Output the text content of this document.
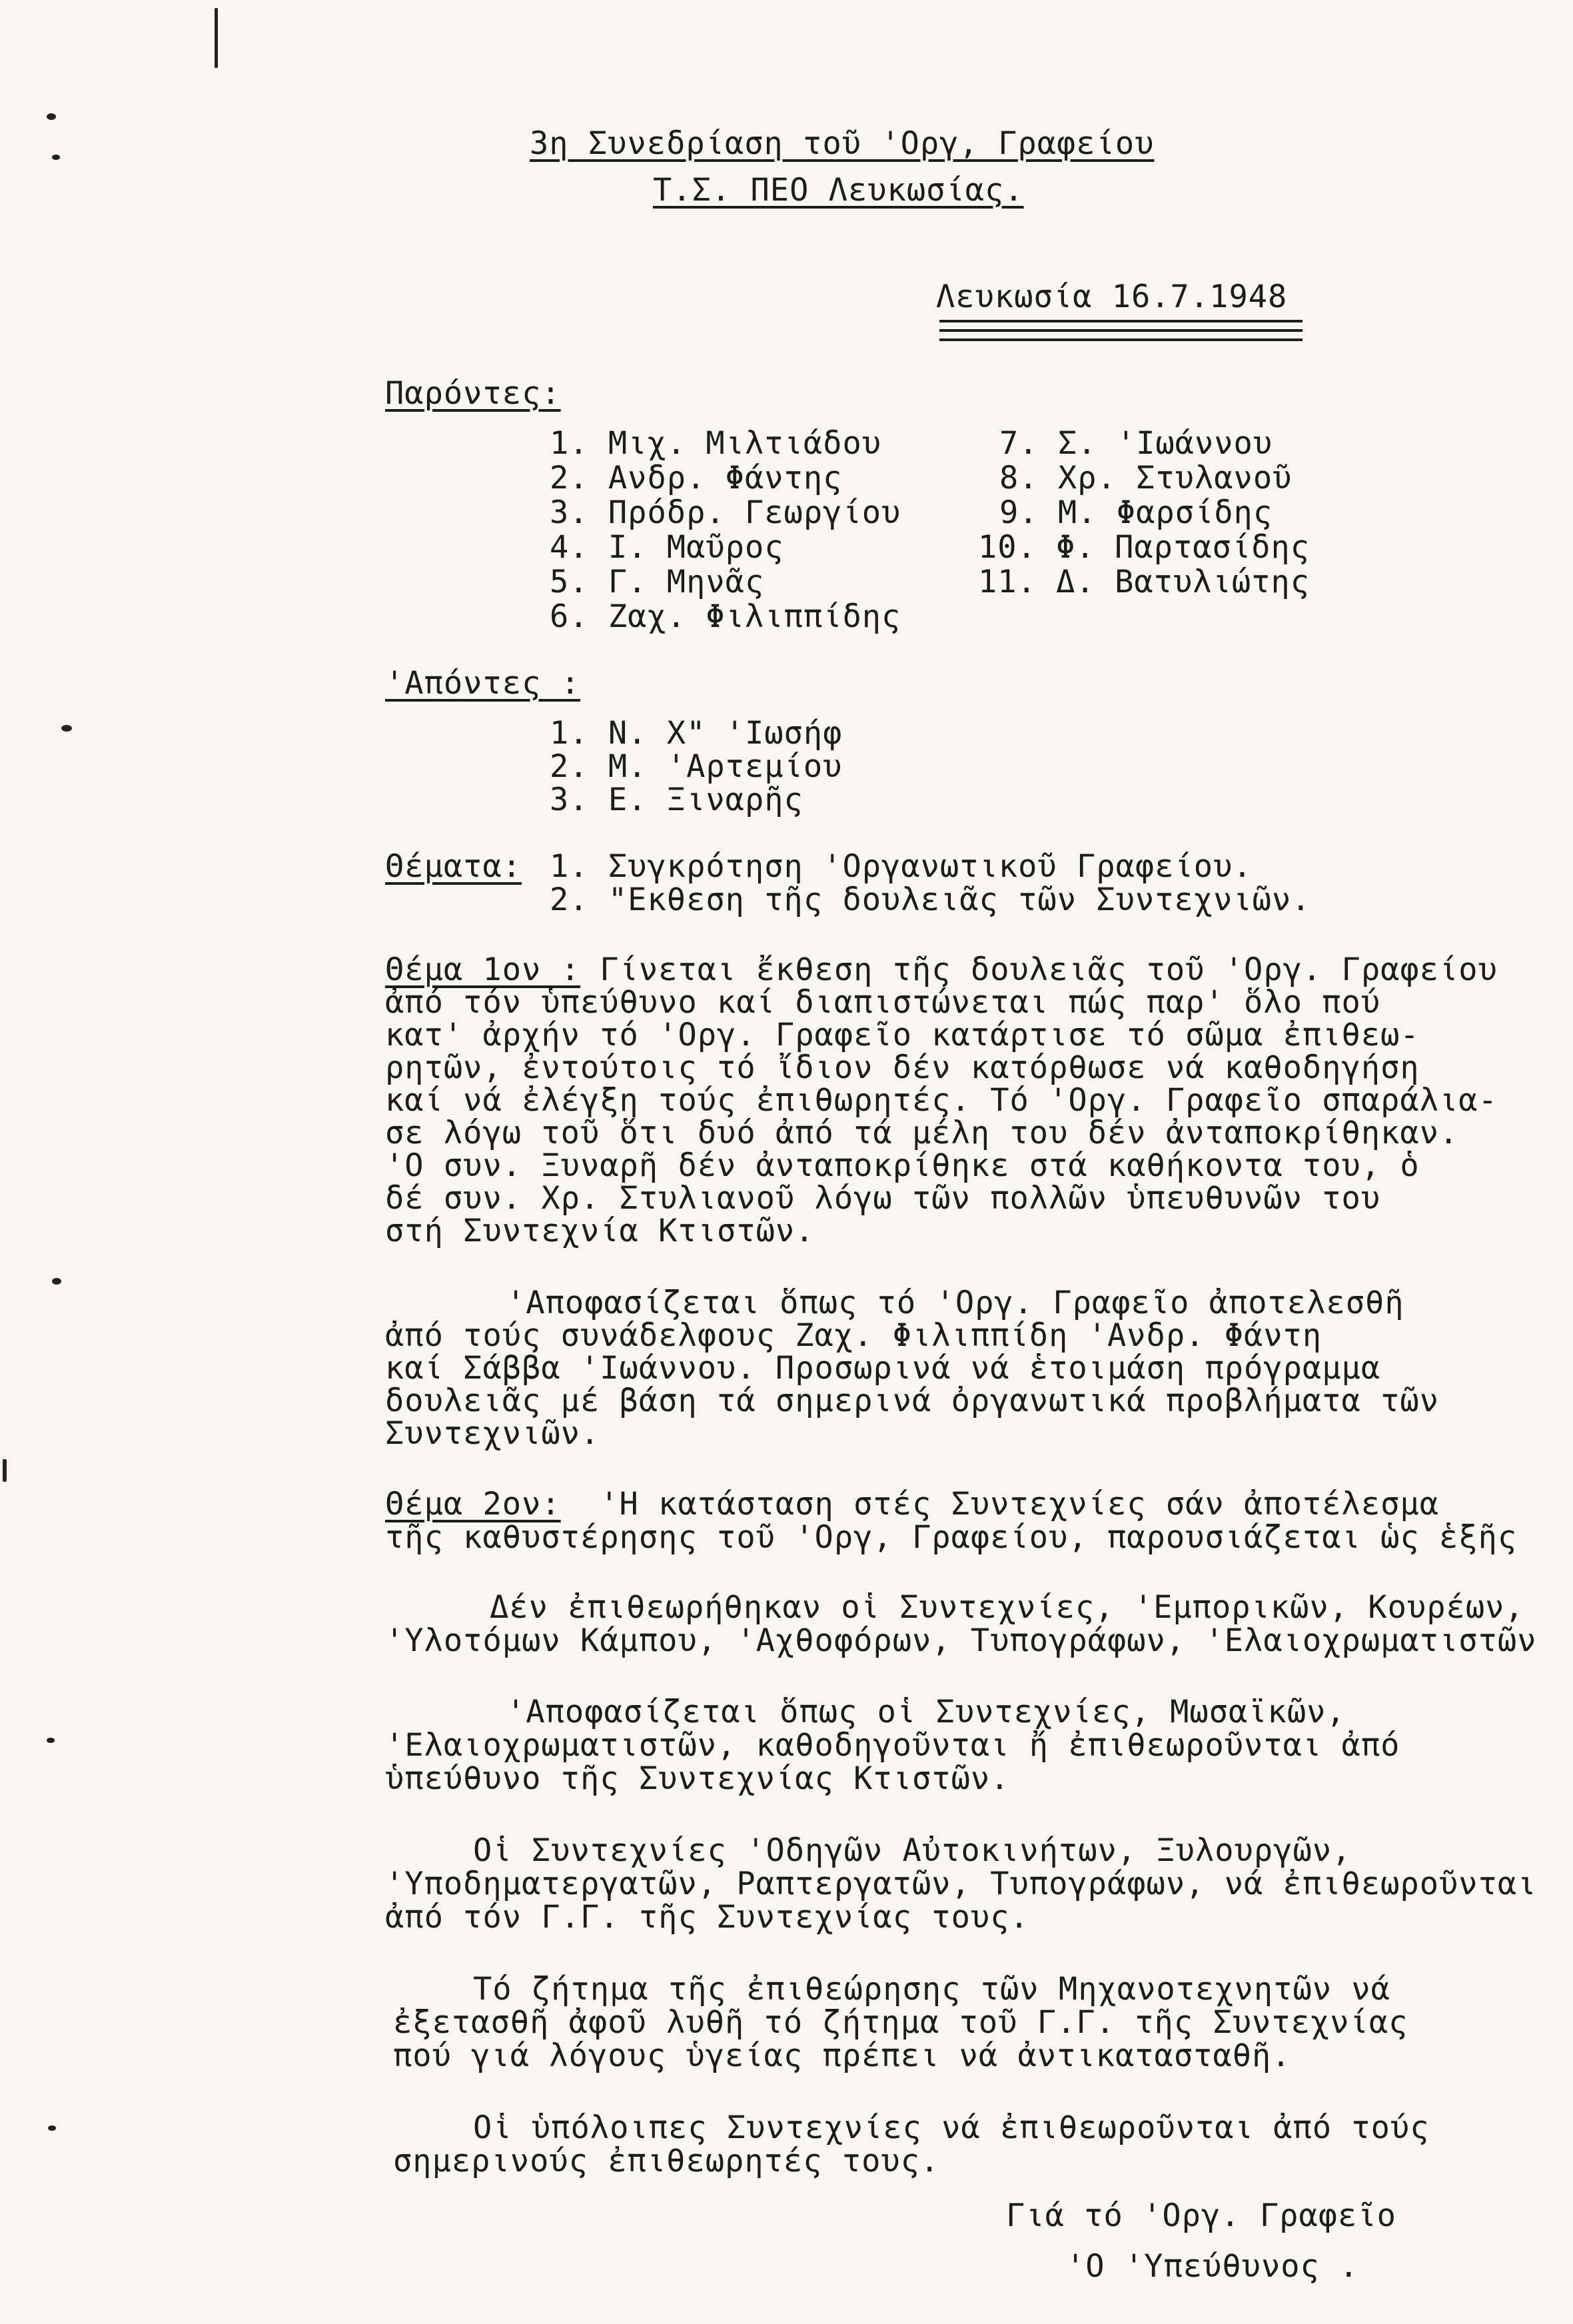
3η Συνεδρίαση τοῦ 'Οργ, Γραφείου
Τ.Σ. ΠΕΟ Λευκωσίας.
Λευκωσία 16.7.1948
Παρόντες:
1. Μιχ. Μιλτιάδου
2. Ανδρ. Φάντης
3. Πρόδρ. Γεωργίου
4. Ι. Μαῦρος
5. Γ. Μηνᾶς
6. Ζαχ. Φιλιππίδης
7. Σ. 'Ιωάννου
8. Χρ. Στυλανοῦ
9. Μ. Φαρσίδης
10. Φ. Παρτασίδης
11. Δ. Βατυλιώτης
'Απόντες :
1. Ν. Χ" 'Ιωσήφ
2. Μ. 'Αρτεμίου
3. Ε. Ξιναρῆς
Θέματα: 1. Συγκρότηση 'Οργανωτικοῦ Γραφείου.
2. "Εκθεση τῆς δουλειᾶς τῶν Συντεχνιῶν.
Θέμα 1ον : Γίνεται ἔκθεση τῆς δουλειᾶς τοῦ 'Οργ. Γραφείου
ἀπό τόν ὑπεύθυνο καί διαπιστώνεται πώς παρ' ὅλο πού
κατ' ἀρχήν τό 'Οργ. Γραφεῖο κατάρτισε τό σῶμα ἐπιθεω-
ρητῶν, ἐντούτοις τό ἴδιον δέν κατόρθωσε νά καθοδηγήση
καί νά ἐλέγξη τούς ἐπιθωρητές. Τό 'Οργ. Γραφεῖο σπαράλια-
σε λόγω τοῦ ὅτι δυό ἀπό τά μέλη του δέν ἀνταποκρίθηκαν.
'Ο συν. Ξυναρῆ δέν ἀνταποκρίθηκε στά καθήκοντα του, ὁ
δέ συν. Χρ. Στυλιανοῦ λόγω τῶν πολλῶν ὑπευθυνῶν του
στή Συντεχνία Κτιστῶν.
'Αποφασίζεται ὅπως τό 'Οργ. Γραφεῖο ἀποτελεσθῆ
ἀπό τούς συνάδελφους Ζαχ. Φιλιππίδη 'Ανδρ. Φάντη
καί Σάββα 'Ιωάννου. Προσωρινά νά ἑτοιμάση πρόγραμμα
δουλειᾶς μέ βάση τά σημερινά ὀργανωτικά προβλήματα τῶν
Συντεχνιῶν.
Θέμα 2ον:  'Η κατάσταση στές Συντεχνίες σάν ἀποτέλεσμα
τῆς καθυστέρησης τοῦ 'Οργ, Γραφείου, παρουσιάζεται ὡς ἑξῆς
Δέν ἐπιθεωρήθηκαν οἱ Συντεχνίες, 'Εμπορικῶν, Κουρέων,
'Υλοτόμων Κάμπου, 'Αχθοφόρων, Τυπογράφων, 'Ελαιοχρωματιστῶν
'Αποφασίζεται ὅπως οἱ Συντεχνίες, Μωσαϊκῶν,
'Ελαιοχρωματιστῶν, καθοδηγοῦνται ἤ ἐπιθεωροῦνται ἀπό
ὑπεύθυνο τῆς Συντεχνίας Κτιστῶν.
Οἱ Συντεχνίες 'Οδηγῶν Αὐτοκινήτων, Ξυλουργῶν,
'Υποδηματεργατῶν, Ραπτεργατῶν, Τυπογράφων, νά ἐπιθεωροῦνται
ἀπό τόν Γ.Γ. τῆς Συντεχνίας τους.
Τό ζήτημα τῆς ἐπιθεώρησης τῶν Μηχανοτεχνητῶν νά
ἐξετασθῆ ἀφοῦ λυθῆ τό ζήτημα τοῦ Γ.Γ. τῆς Συντεχνίας
πού γιά λόγους ὑγείας πρέπει νά ἀντικατασταθῆ.
Οἱ ὑπόλοιπες Συντεχνίες νά ἐπιθεωροῦνται ἀπό τούς
σημερινούς ἐπιθεωρητές τους.
Γιά τό 'Οργ. Γραφεῖο
'Ο 'Υπεύθυνος .
